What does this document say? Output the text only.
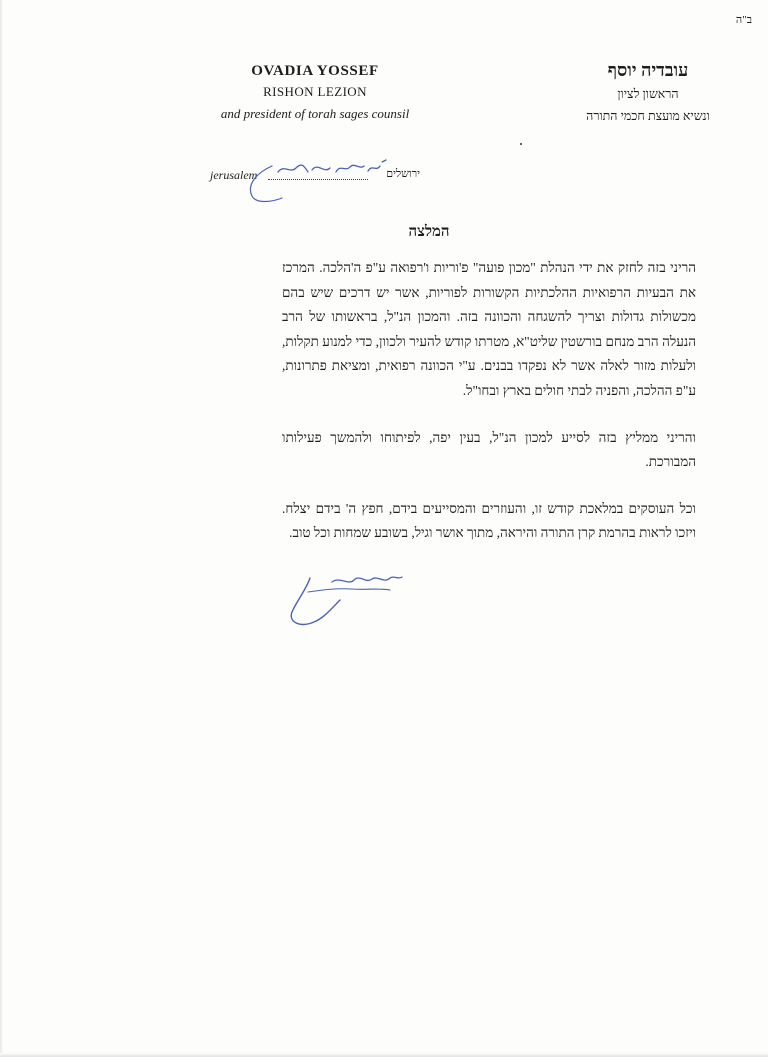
ב"ה
OVADIA YOSSEF
RISHON LEZION
and president of torah sages counsil
עובדיה יוסף
הראשון לציון
ונשיא מועצת חכמי התורה
jerusalem	ירושלים
המלצה

הריני בזה לחזק את ידי הנהלת "מכון פועה" פ'וריות ו'רפואה ע"פ ה'הלכה. המרכז את הבעיות הרפואיות ההלכתיות הקשורות לפוריות, אשר יש דרכים שיש בהם מכשולות גדולות וצריך להשגחה והכוונה בזה. והמכון הנ"ל, בראשותו של הרב הנעלה הרב מנחם בורשטין שליט"א, מטרתו קודש להעיר ולכוון, כדי למנוע תקלות, ולעלות מזור לאלה אשר לא נפקדו בבנים. ע"י הכוונה רפואית, ומציאת פתרונות, ע"פ ההלכה, והפניה לבתי חולים בארץ ובחו"ל.

והריני ממליץ בזה לסייע למכון הנ"ל, בעין יפה, לפיתוחו ולהמשך פעילותו המבורכת.

וכל העוסקים במלאכת קודש זו, והעוזרים והמסייעים בידם, חפץ ה' בידם יצלח. ויזכו לראות בהרמת קרן התורה והיראה, מתוך אושר וגיל, בשובע שמחות וכל טוב.
